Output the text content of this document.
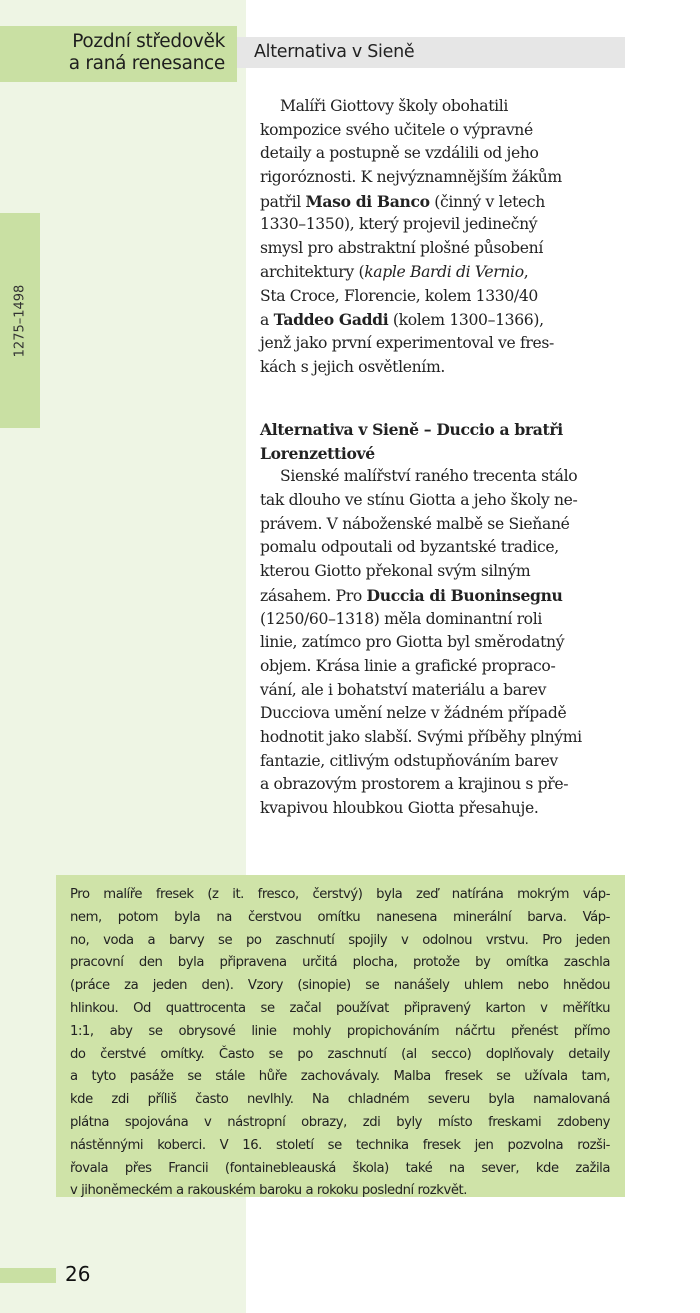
Pozdní středověk
a raná renesance
Alternativa v Sieně
1275–1498
Malíři Giottovy školy obohatili
kompozice svého učitele o výpravné
detaily a postupně se vzdálili od jeho
rigoróznosti. K nejvýznamnějším žákům
patřil Maso di Banco (činný v letech
1330–1350), který projevil jedinečný
smysl pro abstraktní plošné působení
architektury (kaple Bardi di Vernio,
Sta Croce, Florencie, kolem 1330/40
a Taddeo Gaddi (kolem 1300–1366),
jenž jako první experimentoval ve fres-
kách s jejich osvětlením.
Alternativa v Sieně – Duccio a bratři
Lorenzettiové
Sienské malířství raného trecenta stálo
tak dlouho ve stínu Giotta a jeho školy ne-
právem. V náboženské malbě se Sieňané
pomalu odpoutali od byzantské tradice,
kterou Giotto překonal svým silným
zásahem. Pro Duccia di Buoninsegnu
(1250/60–1318) měla dominantní roli
linie, zatímco pro Giotta byl směrodatný
objem. Krása linie a grafické propraco-
vání, ale i bohatství materiálu a barev
Ducciova umění nelze v žádném případě
hodnotit jako slabší. Svými příběhy plnými
fantazie, citlivým odstupňováním barev
a obrazovým prostorem a krajinou s pře-
kvapivou hloubkou Giotta přesahuje.
Pro malíře fresek (z it. fresco, čerstvý) byla zeď natírána mokrým váp-
nem, potom byla na čerstvou omítku nanesena minerální barva. Váp-
no, voda a barvy se po zaschnutí spojily v odolnou vrstvu. Pro jeden
pracovní den byla připravena určitá plocha, protože by omítka zaschla
(práce za jeden den). Vzory (sinopie) se nanášely uhlem nebo hnědou
hlinkou. Od quattrocenta se začal používat připravený karton v měřítku
1:1, aby se obrysové linie mohly propichováním náčrtu přenést přímo
do čerstvé omítky. Často se po zaschnutí (al secco) doplňovaly detaily
a tyto pasáže se stále hůře zachovávaly. Malba fresek se užívala tam,
kde zdi příliš často nevlhly. Na chladném severu byla namalovaná
plátna spojována v nástropní obrazy, zdi byly místo freskami zdobeny
nástěnnými koberci. V 16. století se technika fresek jen pozvolna rozši-
řovala přes Francii (fontainebleauská škola) také na sever, kde zažila
v jihoněmeckém a rakouském baroku a rokoku poslední rozkvět.
26
